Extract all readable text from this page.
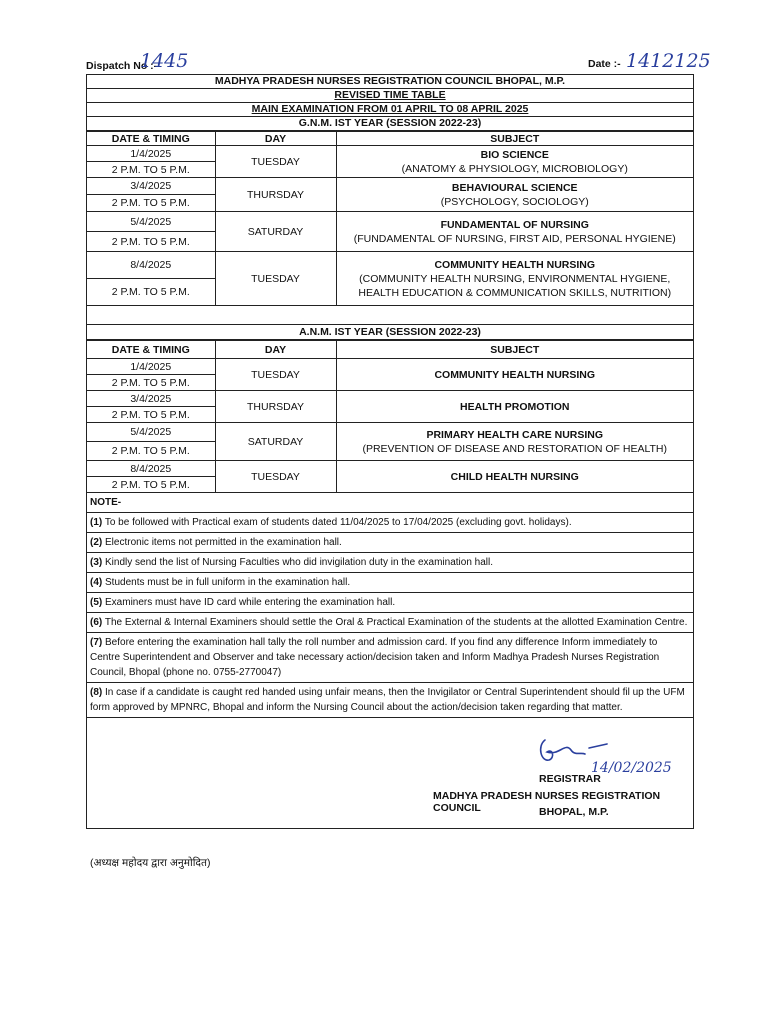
Dispatch No :-
1445	Date :- 1412125
MADHYA PRADESH NURSES REGISTRATION COUNCIL BHOPAL, M.P.
REVISED TIME TABLE
MAIN EXAMINATION FROM 01 APRIL TO 08 APRIL 2025
G.N.M. IST YEAR (SESSION 2022-23)
DATE & TIMING	DAY	SUBJECT
1/4/2025	TUESDAY	BIO SCIENCE
(ANATOMY & PHYSIOLOGY, MICROBIOLOGY)

2 P.M. TO 5 P.M.		
3/4/2025	THURSDAY	BEHAVIOURAL SCIENCE
(PSYCHOLOGY, SOCIOLOGY)

2 P.M. TO 5 P.M.		
5/4/2025	SATURDAY	FUNDAMENTAL OF NURSING
(FUNDAMENTAL OF NURSING, FIRST AID, PERSONAL HYGIENE)

2 P.M. TO 5 P.M.		
8/4/2025	TUESDAY	COMMUNITY HEALTH NURSING
(COMMUNITY HEALTH NURSING, ENVIRONMENTAL HYGIENE, HEALTH EDUCATION & COMMUNICATION SKILLS, NUTRITION)

2 P.M. TO 5 P.M.		
A.N.M. IST YEAR (SESSION 2022-23)
DATE & TIMING	DAY	SUBJECT
1/4/2025	TUESDAY	COMMUNITY HEALTH NURSING

2 P.M. TO 5 P.M.		
3/4/2025	THURSDAY	HEALTH PROMOTION

2 P.M. TO 5 P.M.		
5/4/2025	SATURDAY	PRIMARY HEALTH CARE NURSING
(PREVENTION OF DISEASE AND RESTORATION OF HEALTH)

2 P.M. TO 5 P.M.		
8/4/2025	TUESDAY	CHILD HEALTH NURSING

2 P.M. TO 5 P.M.		
NOTE-
(1) To be followed with Practical exam of students dated 11/04/2025 to 17/04/2025 (excluding govt. holidays).
(2) Electronic items not permitted in the examination hall.
(3) Kindly send the list of Nursing Faculties who did invigilation duty in the examination hall.
(4) Students must be in full uniform in the examination hall.
(5) Examiners must have ID card while entering the examination hall.
(6) The External & Internal Examiners should settle the Oral & Practical Examination of the students at the allotted Examination Centre.
(7) Before entering the examination hall tally the roll number and admission card. If you find any difference Inform immediately to Centre Superintendent and Observer and take necessary action/decision taken and Inform Madhya Pradesh Nurses Registration Council, Bhopal (phone no. 0755-2770047)
(8) In case if a candidate is caught red handed using unfair means, then the Invigilator or Central Superintendent should fil up the UFM form approved by MPNRC, Bhopal and inform the Nursing Council about the action/decision taken regarding that matter.
14/02/2025
REGISTRAR
MADHYA PRADESH NURSES REGISTRATION COUNCIL	BHOPAL, M.P.
(अध्यक्ष महोदय द्वारा अनुमोदित)
